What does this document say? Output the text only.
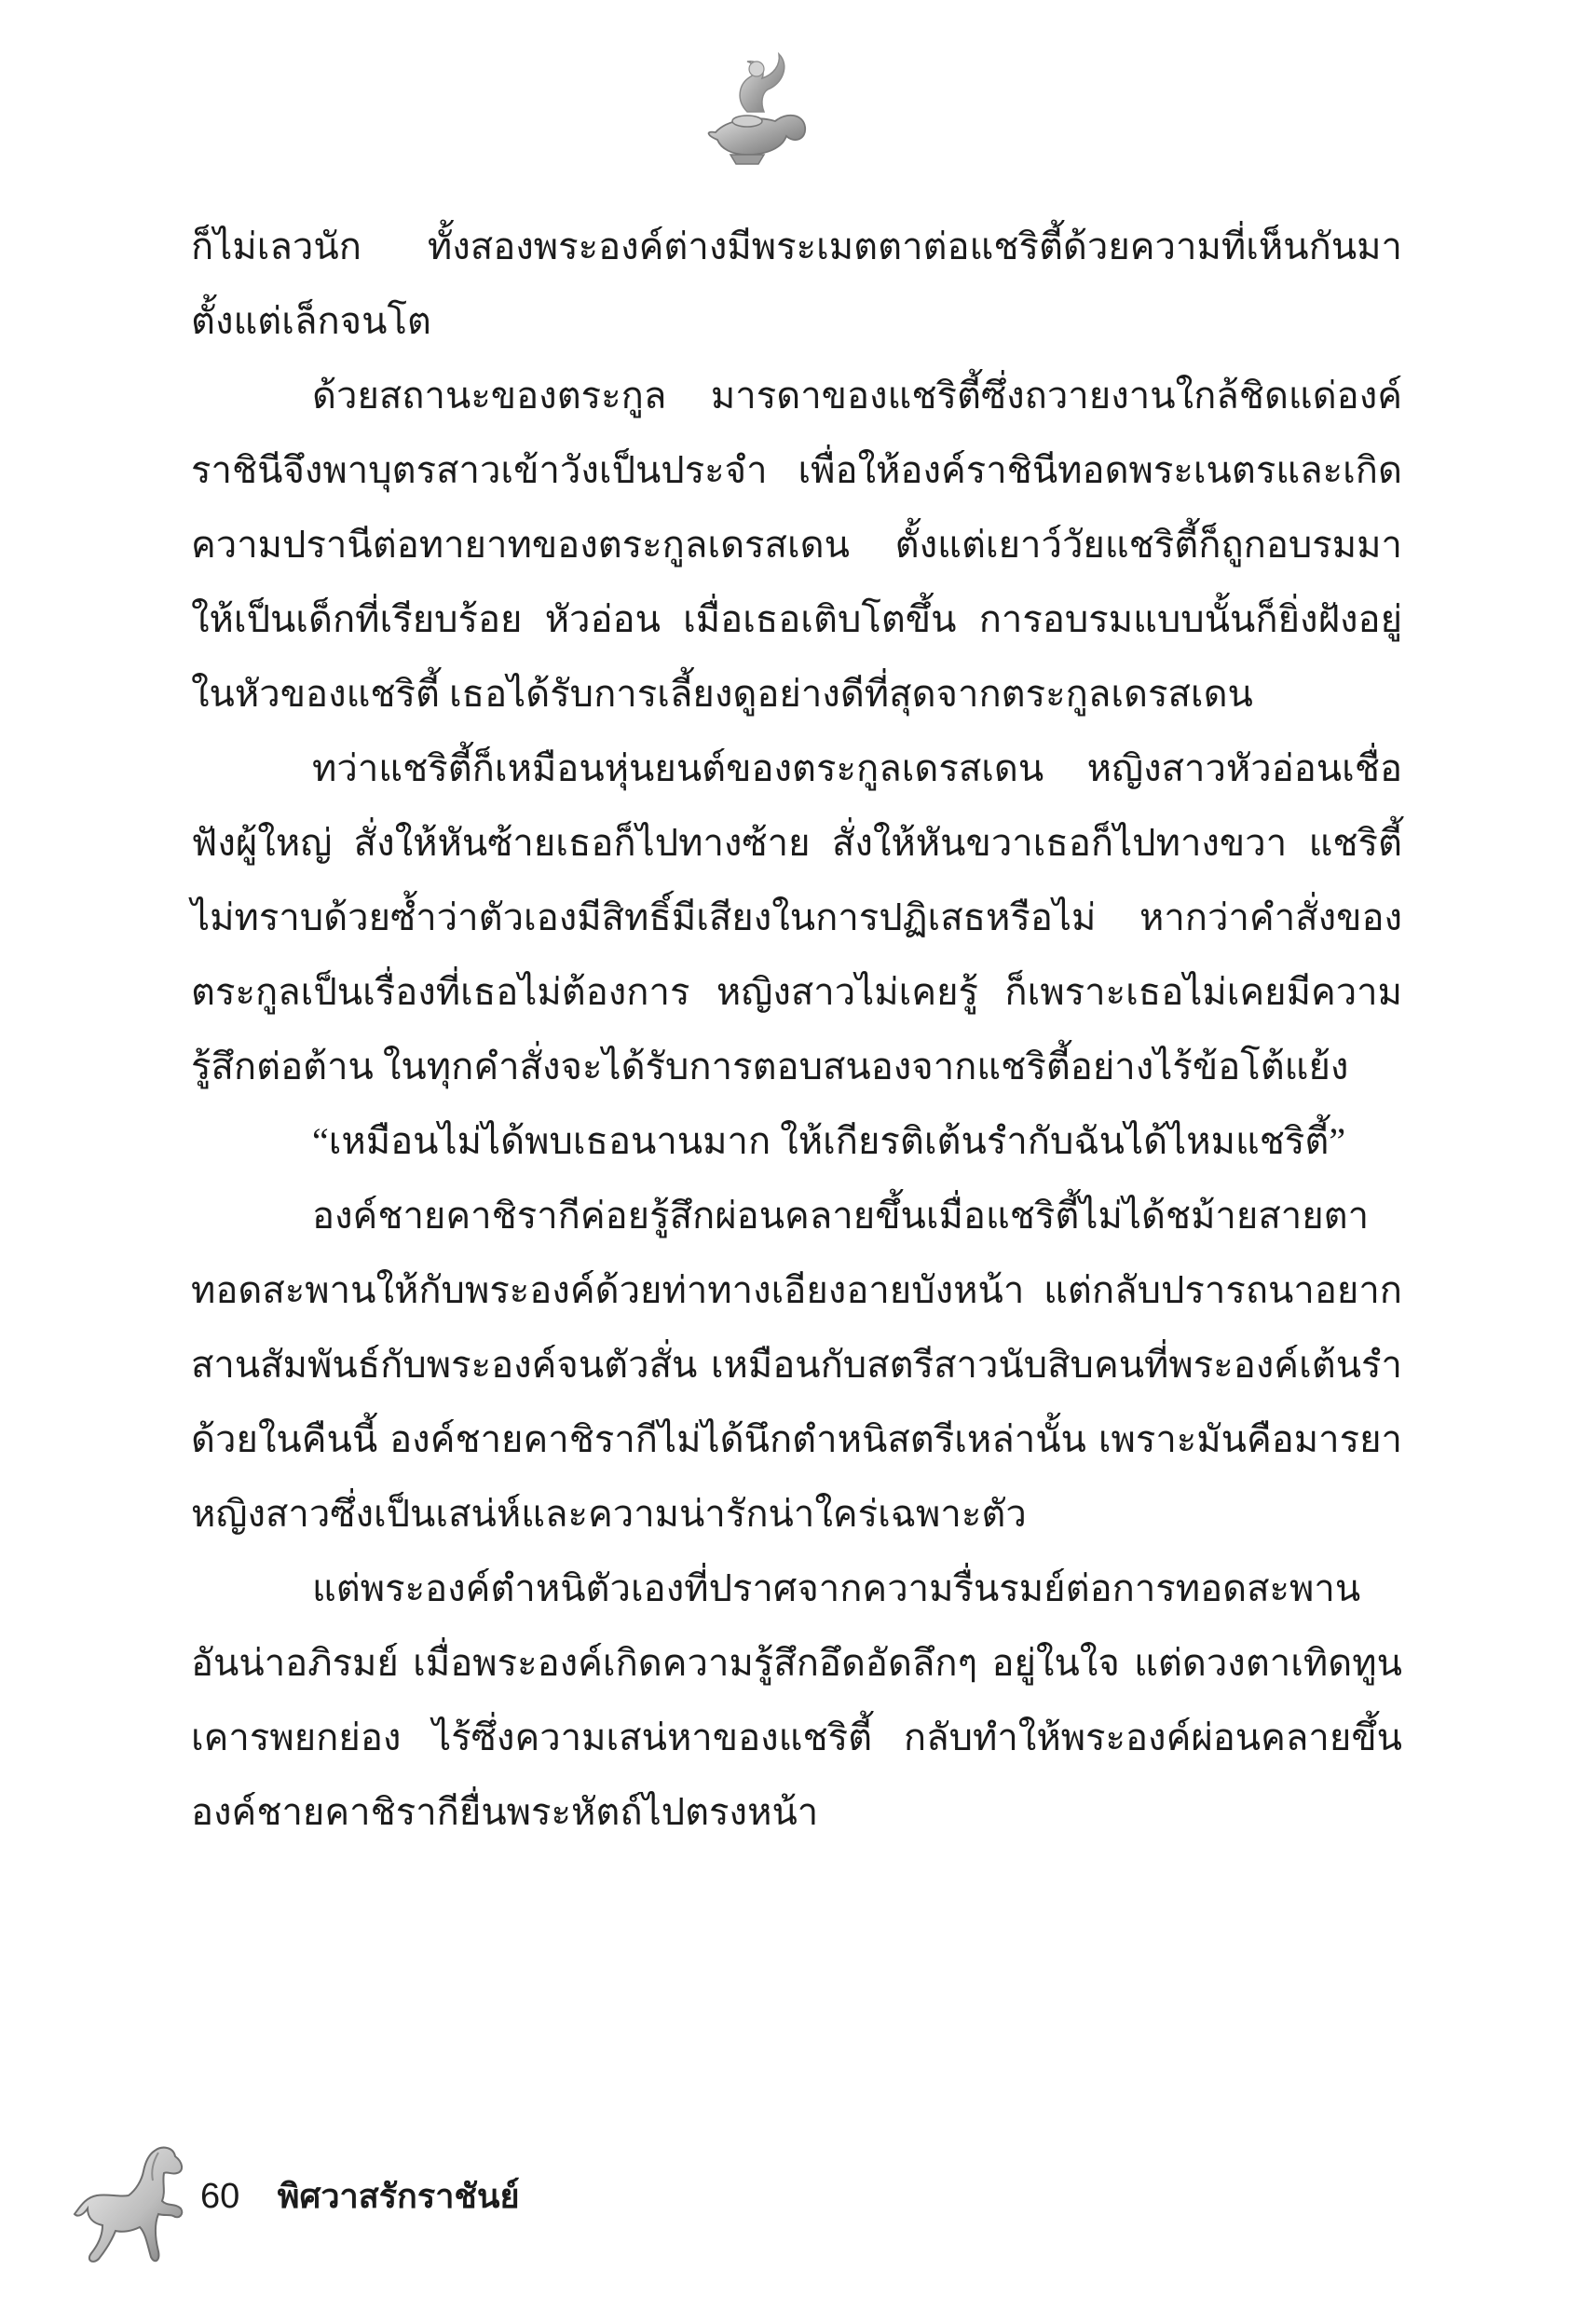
ก็ไม่เลวนัก ทั้งสองพระองค์ต่างมีพระเมตตาต่อแชริตี้ด้วยความที่เห็นกันมาตั้งแต่เล็กจนโต

ด้วยสถานะของตระกูล มารดาของแชริตี้ซึ่งถวายงานใกล้ชิดแด่องค์ราชินีจึงพาบุตรสาวเข้าวังเป็นประจำ เพื่อให้องค์ราชินีทอดพระเนตรและเกิดความปรานีต่อทายาทของตระกูลเดรสเดน ตั้งแต่เยาว์วัยแชริตี้ก็ถูกอบรมมาให้เป็นเด็กที่เรียบร้อย หัวอ่อน เมื่อเธอเติบโตขึ้น การอบรมแบบนั้นก็ยิ่งฝังอยู่ในหัวของแชริตี้ เธอได้รับการเลี้ยงดูอย่างดีที่สุดจากตระกูลเดรสเดน

ทว่าแชริตี้ก็เหมือนหุ่นยนต์ของตระกูลเดรสเดน หญิงสาวหัวอ่อนเชื่อฟังผู้ใหญ่ สั่งให้หันซ้ายเธอก็ไปทางซ้าย สั่งให้หันขวาเธอก็ไปทางขวา แชริตี้ไม่ทราบด้วยซ้ำว่าตัวเองมีสิทธิ์มีเสียงในการปฏิเสธหรือไม่ หากว่าคำสั่งของตระกูลเป็นเรื่องที่เธอไม่ต้องการ หญิงสาวไม่เคยรู้ ก็เพราะเธอไม่เคยมีความรู้สึกต่อต้าน ในทุกคำสั่งจะได้รับการตอบสนองจากแชริตี้อย่างไร้ข้อโต้แย้ง

“เหมือนไม่ได้พบเธอนานมาก ให้เกียรติเต้นรำกับฉันได้ไหมแชริตี้”

องค์ชายคาชิรากีค่อยรู้สึกผ่อนคลายขึ้นเมื่อแชริตี้ไม่ได้ชม้ายสายตาทอดสะพานให้กับพระองค์ด้วยท่าทางเอียงอายบังหน้า แต่กลับปรารถนาอยากสานสัมพันธ์กับพระองค์จนตัวสั่น เหมือนกับสตรีสาวนับสิบคนที่พระองค์เต้นรำด้วยในคืนนี้ องค์ชายคาชิรากีไม่ได้นึกตำหนิสตรีเหล่านั้น เพราะมันคือมารยาหญิงสาวซึ่งเป็นเสน่ห์และความน่ารักน่าใคร่เฉพาะตัว

แต่พระองค์ตำหนิตัวเองที่ปราศจากความรื่นรมย์ต่อการทอดสะพานอันน่าอภิรมย์ เมื่อพระองค์เกิดความรู้สึกอึดอัดลึกๆ อยู่ในใจ แต่ดวงตาเทิดทูนเคารพยกย่อง ไร้ซึ่งความเสน่หาของแชริตี้ กลับทำให้พระองค์ผ่อนคลายขึ้น องค์ชายคาชิรากียื่นพระหัตถ์ไปตรงหน้า

60 พิศวาสรักราชันย์
